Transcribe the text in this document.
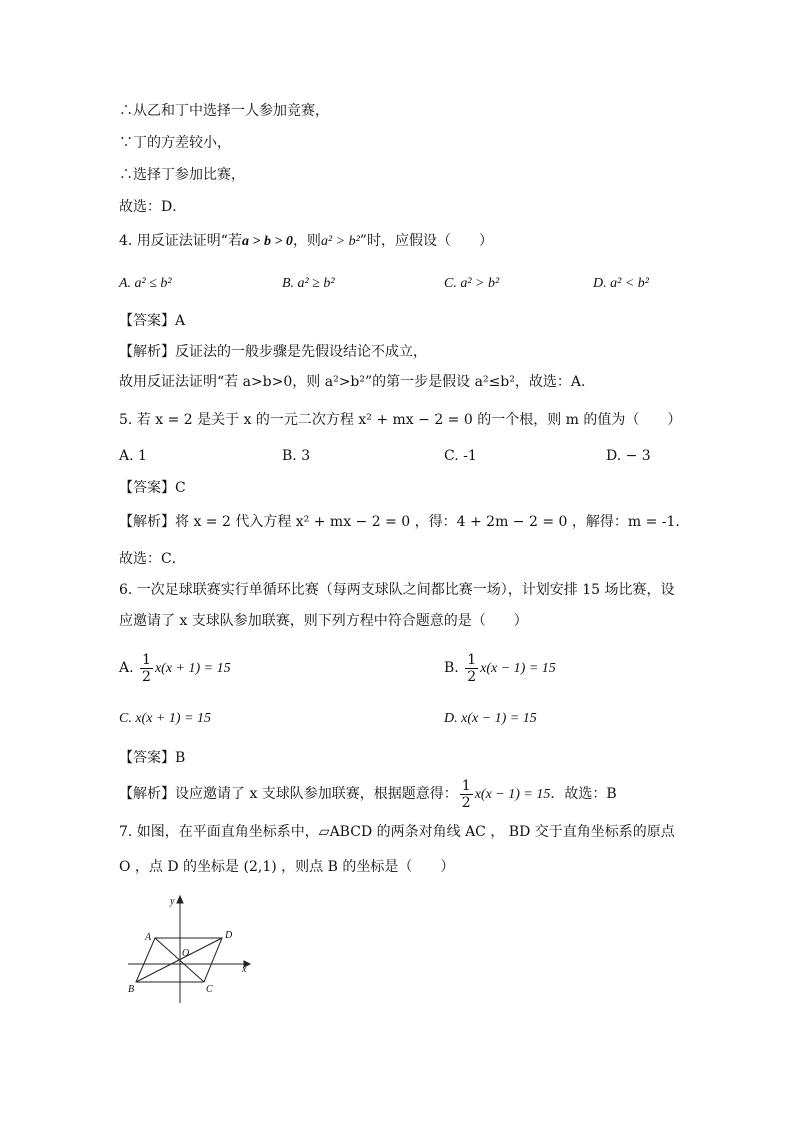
∴从乙和丁中选择一人参加竞赛，
∵丁的方差较小，
∴选择丁参加比赛，
故选：D．
4. 用反证法证明“若a > b > 0，则a² > b²”时，应假设（　　）
A. a² ≤ b²	B. a² ≥ b²	C. a² > b²	D. a² < b²
【答案】A
【解析】反证法的一般步骤是先假设结论不成立，
故用反证法证明“若 a>b>0，则 a²>b²”的第一步是假设 a²≤b²，故选：A.
5. 若 x = 2 是关于 x 的一元二次方程 x² + mx − 2 = 0 的一个根，则 m 的值为（　　）
A. 1	B. 3	C. -1	D. − 3
【答案】C
【解析】将 x = 2 代入方程 x² + mx − 2 = 0 ，得：4 + 2m − 2 = 0 ，解得：m = -1．
故选：C．
6. 一次足球联赛实行单循环比赛（每两支球队之间都比赛一场），计划安排 15 场比赛，设
应邀请了 x 支球队参加联赛，则下列方程中符合题意的是（　　）
A. $\frac{1}{2} x(x + 1) = 15$	B. $\frac{1}{2} x(x - 1) = 15$
C. x(x + 1) = 15	D. x(x − 1) = 15
【答案】B
【解析】设应邀请了 x 支球队参加联赛，根据题意得： $\frac{1}{2} x(x - 1) = 15$．故选：B
7. 如图，在平面直角坐标系中，▱ABCD 的两条对角线 AC ， BD 交于直角坐标系的原点
O ，点 D 的坐标是 (2,1) ，则点 B 的坐标是（　　）
y
x
A	D
O
B	C
